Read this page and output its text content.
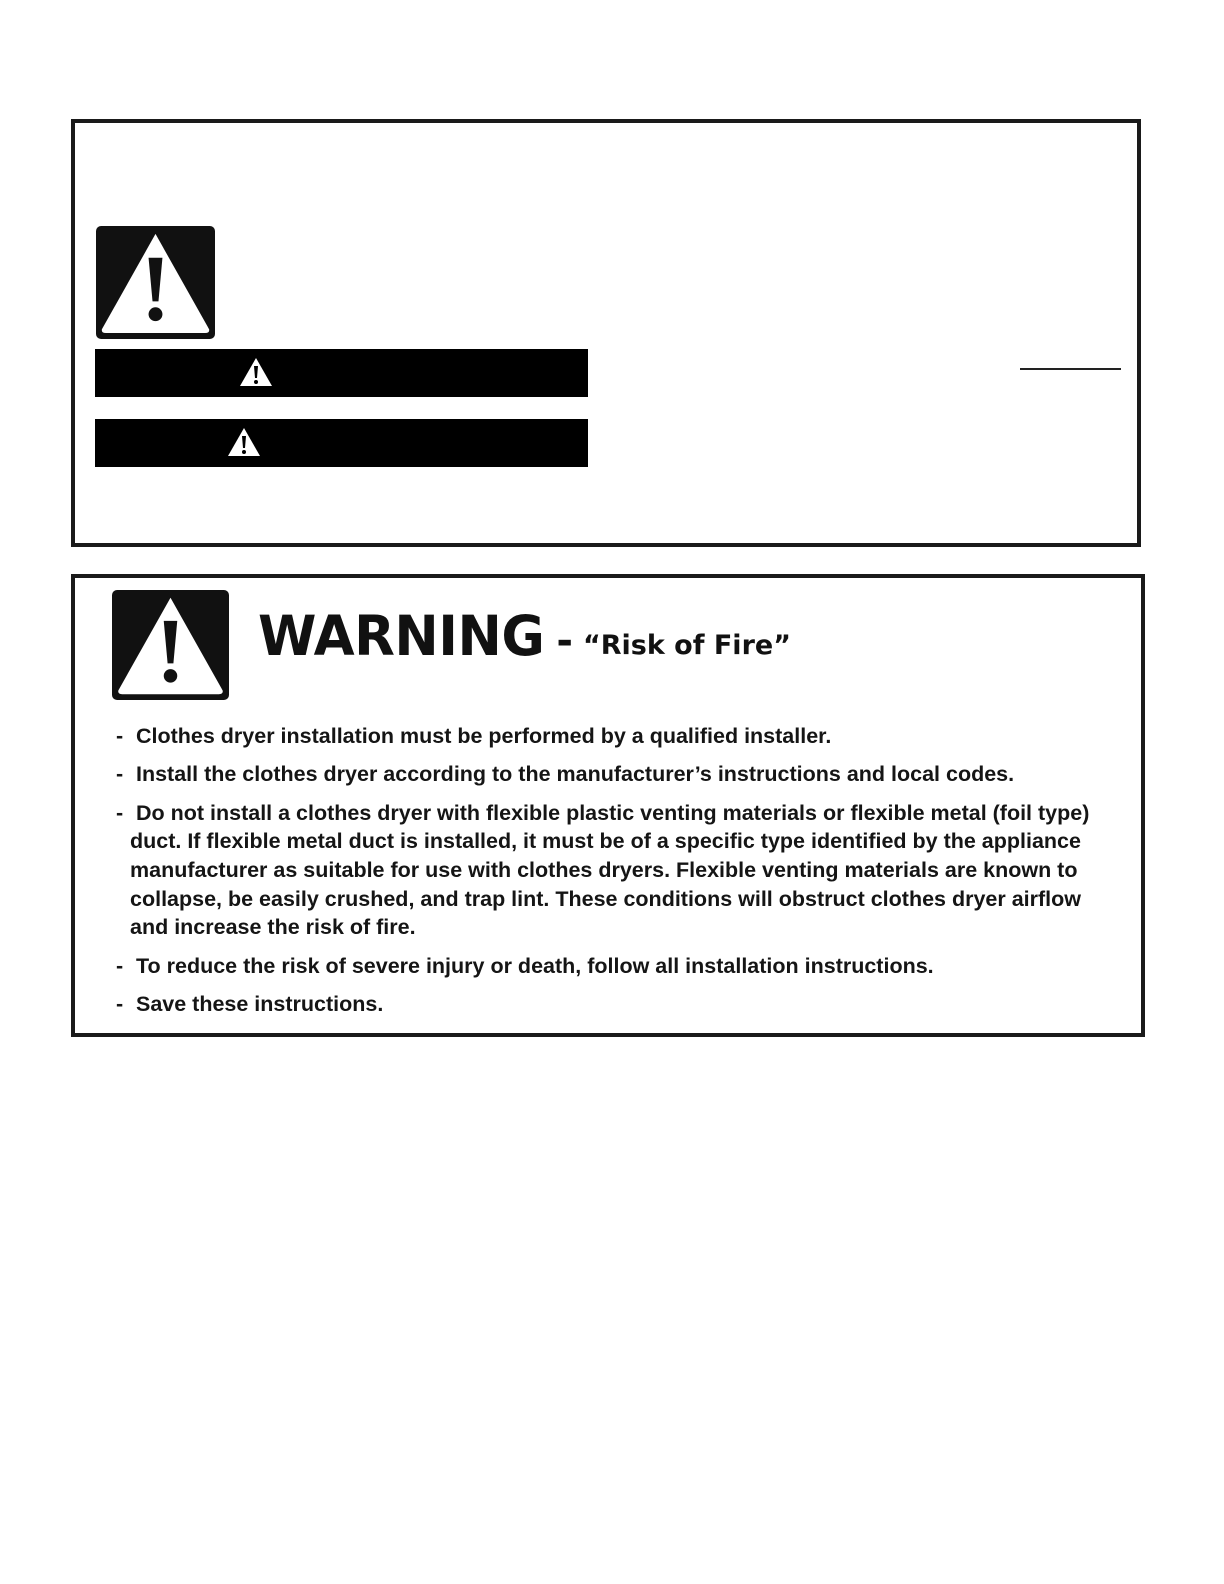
WARNING - “Risk of Fire”
- Clothes dryer installation must be performed by a qualified installer.
- Install the clothes dryer according to the manufacturer’s instructions and local codes.
- Do not install a clothes dryer with flexible plastic venting materials or flexible metal (foil type) duct. If flexible metal duct is installed, it must be of a specific type identified by the appliance manufacturer as suitable for use with clothes dryers. Flexible venting materials are known to collapse, be easily crushed, and trap lint. These conditions will obstruct clothes dryer airflow and increase the risk of fire.
- To reduce the risk of severe injury or death, follow all installation instructions.
- Save these instructions.
